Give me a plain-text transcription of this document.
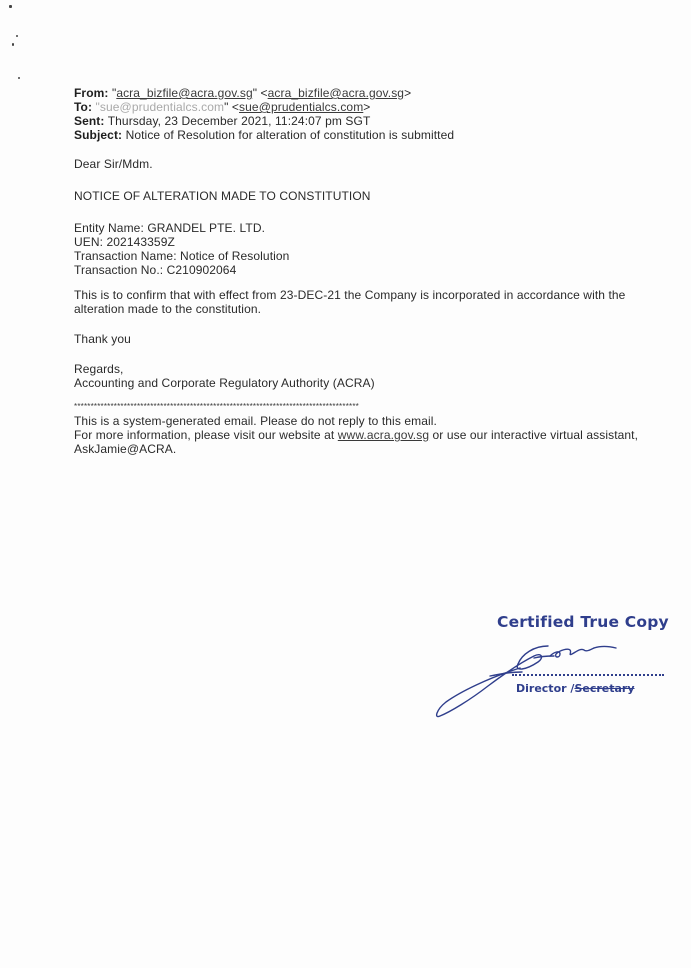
From: "acra_bizfile@acra.gov.sg" <acra_bizfile@acra.gov.sg>
To: "sue@prudentialcs.com" <sue@prudentialcs.com>
Sent: Thursday, 23 December 2021, 11:24:07 pm SGT
Subject: Notice of Resolution for alteration of constitution is submitted
Dear Sir/Mdm.
NOTICE OF ALTERATION MADE TO CONSTITUTION
Entity Name: GRANDEL PTE. LTD.
UEN: 202143359Z
Transaction Name: Notice of Resolution
Transaction No.: C210902064
This is to confirm that with effect from 23-DEC-21 the Company is incorporated in accordance with the
alteration made to the constitution.
Thank you
Regards,
Accounting and Corporate Regulatory Authority (ACRA)
**************************************************************************************
This is a system-generated email. Please do not reply to this email.
For more information, please visit our website at www.acra.gov.sg or use our interactive virtual assistant,
AskJamie@ACRA.
Certified True Copy
Director /Secretary
